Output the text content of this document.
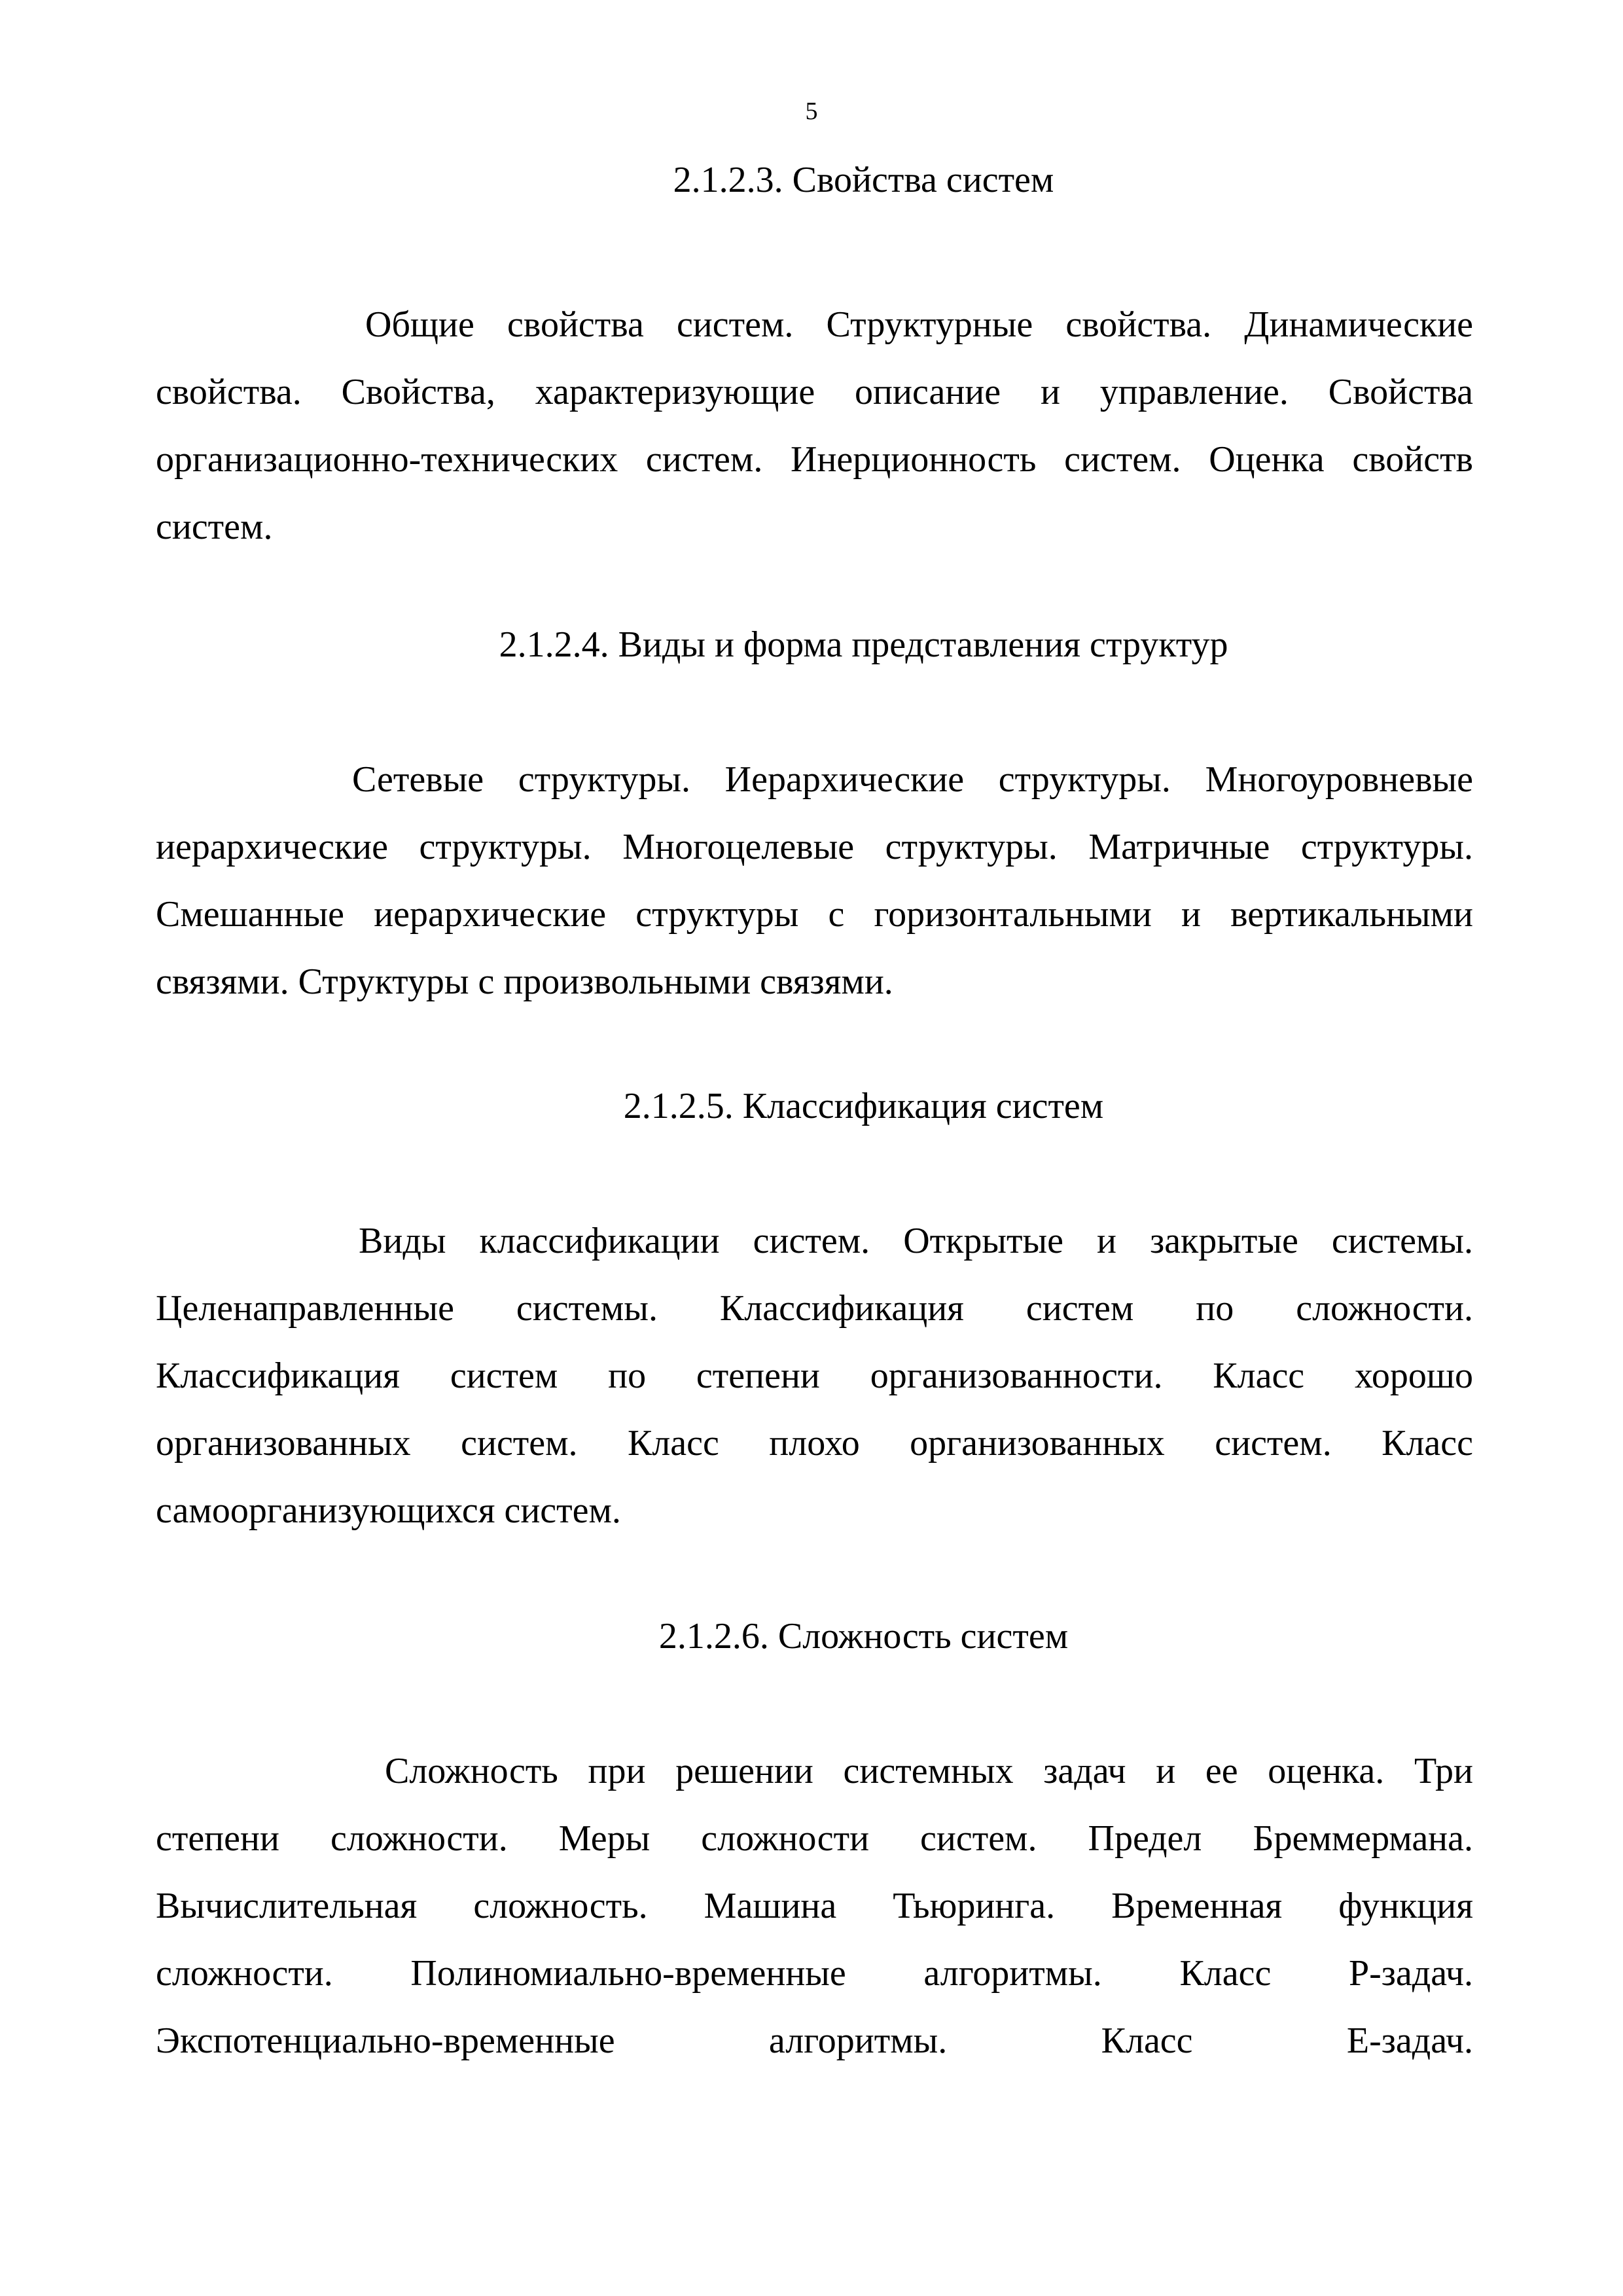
5
2.1.2.3. Свойства систем
Общие свойства систем. Структурные свойства. Динамические
свойства. Свойства, характеризующие описание и управление. Свойства
организационно-технических систем. Инерционность систем. Оценка свойств
систем.
2.1.2.4. Виды и форма представления структур
Сетевые структуры. Иерархические структуры. Многоуровневые
иерархические структуры. Многоцелевые структуры. Матричные структуры.
Смешанные иерархические структуры с горизонтальными и вертикальными
связями. Структуры с произвольными связями.
2.1.2.5. Классификация систем
Виды классификации систем. Открытые и закрытые системы.
Целенаправленные системы. Классификация систем по сложности.
Классификация систем по степени организованности. Класс хорошо
организованных систем. Класс плохо организованных систем. Класс
самоорганизующихся систем.
2.1.2.6. Сложность систем
Сложность при решении системных задач и ее оценка. Три
степени сложности. Меры сложности систем. Предел Бреммермана.
Вычислительная сложность. Машина Тьюринга. Временная функция
сложности. Полиномиально-временные алгоритмы. Класс Р-задач.
Экспотенциально-временные алгоритмы. Класс Е-задач.
